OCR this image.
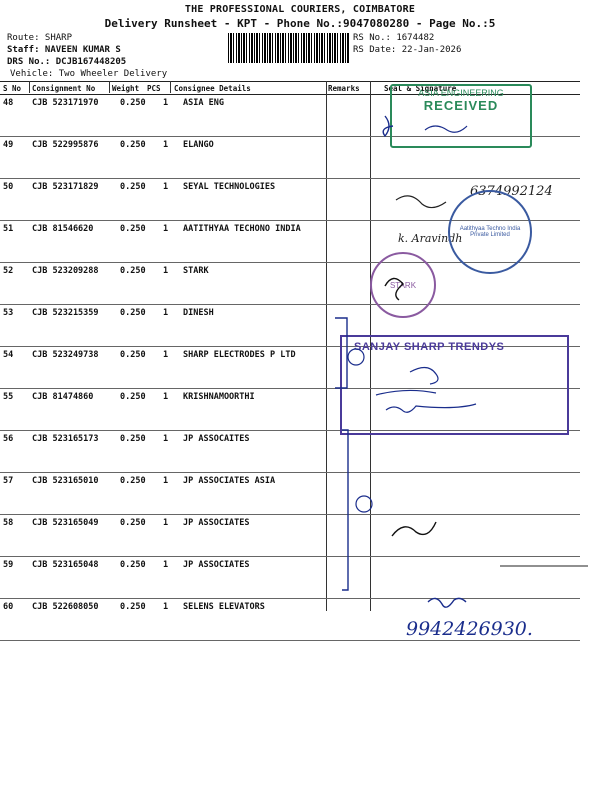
THE PROFESSIONAL COURIERS, COIMBATORE
Delivery Runsheet - KPT - Phone No.:9047080280 - Page No.:5
Route: SHARP
Staff: NAVEEN KUMAR S
DRS No.: DCJB167448205
Vehicle: Two Wheeler Delivery
RS No.: 1674482
RS Date: 22-Jan-2026
S No Consignment No Weight PCS Consignee Details	Remarks	Seal & Signature
48 CJB 523171970	0.250 1 ASIA ENG
49 CJB 522995876	0.250 1 ELANGO
50 CJB 523171829	0.250 1 SEYAL TECHNOLOGIES
51 CJB 81546620	0.250 1 AATITHYAA TECHONO INDIA
52 CJB 523209288	0.250 1 STARK
53 CJB 523215359	0.250 1 DINESH
54 CJB 523249738	0.250 1 SHARP ELECTRODES P LTD
55 CJB 81474860	0.250 1 KRISHNAMOORTHI
56 CJB 523165173	0.250 1 JP ASSOCAITES
57 CJB 523165010	0.250 1 JP ASSOCIATES ASIA
58 CJB 523165049	0.250 1 JP ASSOCIATES
59 CJB 523165048	0.250 1 JP ASSOCIATES
60 CJB 522608050	0.250 1 SELENS ELEVATORS
ASIA ENGINEERING
RECEIVED
6374992124
k. Aravindh
Aatithyaa Techno India Private Limited
STARK
SANJAY SHARP TRENDYS
9942426930.
